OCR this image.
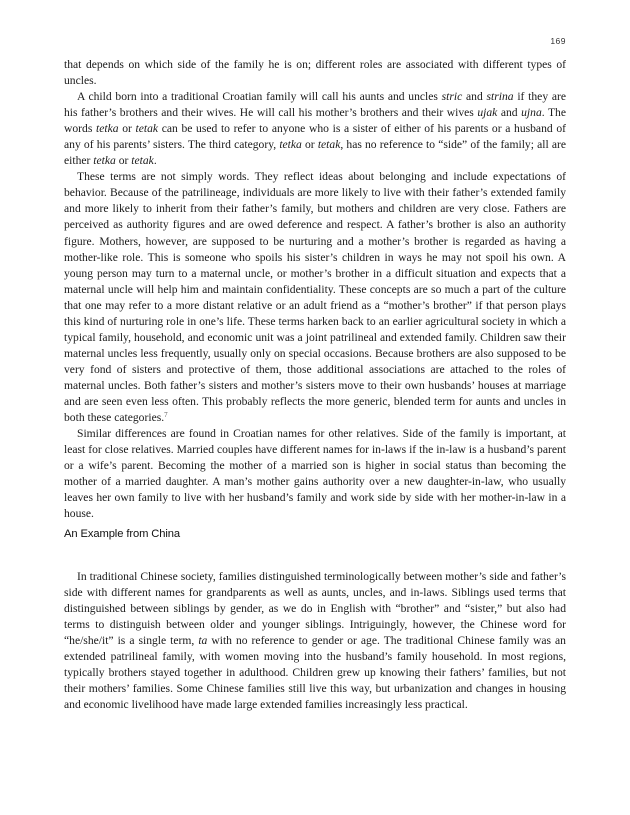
169

that depends on which side of the family he is on; different roles are associated with different types of uncles.

A child born into a traditional Croatian family will call his aunts and uncles stric and strina if they are his father’s brothers and their wives. He will call his mother’s brothers and their wives ujak and ujna. The words tetka or tetak can be used to refer to anyone who is a sister of either of his parents or a husband of any of his parents’ sisters. The third category, tetka or tetak, has no reference to “side” of the family; all are either tetka or tetak.

These terms are not simply words. They reflect ideas about belonging and include expectations of behavior. Because of the patrilineage, individuals are more likely to live with their father’s extended family and more likely to inherit from their father’s family, but mothers and children are very close. Fathers are perceived as authority figures and are owed deference and respect. A father’s brother is also an authority figure. Mothers, however, are supposed to be nurturing and a mother’s brother is regarded as having a mother-like role. This is someone who spoils his sister’s children in ways he may not spoil his own. A young person may turn to a maternal uncle, or mother’s brother in a difficult situation and expects that a maternal uncle will help him and maintain confidentiality. These concepts are so much a part of the culture that one may refer to a more distant relative or an adult friend as a “mother’s brother” if that person plays this kind of nurturing role in one’s life. These terms harken back to an earlier agricultural society in which a typical family, household, and economic unit was a joint patrilineal and extended family. Children saw their maternal uncles less frequently, usually only on special occasions. Because brothers are also supposed to be very fond of sisters and protective of them, those additional associations are attached to the roles of maternal uncles. Both father’s sisters and mother’s sisters move to their own husbands’ houses at marriage and are seen even less often. This probably reflects the more generic, blended term for aunts and uncles in both these categories.$^7$

Similar differences are found in Croatian names for other relatives. Side of the family is important, at least for close relatives. Married couples have different names for in-laws if the in-law is a husband’s parent or a wife’s parent. Becoming the mother of a married son is higher in social status than becoming the mother of a married daughter. A man’s mother gains authority over a new daughter-in-law, who usually leaves her own family to live with her husband’s family and work side by side with her mother-in-law in a house.

An Example from China

In traditional Chinese society, families distinguished terminologically between mother’s side and father’s side with different names for grandparents as well as aunts, uncles, and in-laws. Siblings used terms that distinguished between siblings by gender, as we do in English with “brother” and “sister,” but also had terms to distinguish between older and younger siblings. Intriguingly, however, the Chinese word for “he/she/it” is a single term, ta with no reference to gender or age. The traditional Chinese family was an extended patrilineal family, with women moving into the husband’s family household. In most regions, typically brothers stayed together in adulthood. Children grew up knowing their fathers’ families, but not their mothers’ families. Some Chinese families still live this way, but urbanization and changes in housing and economic livelihood have made large extended families increasingly less practical.
